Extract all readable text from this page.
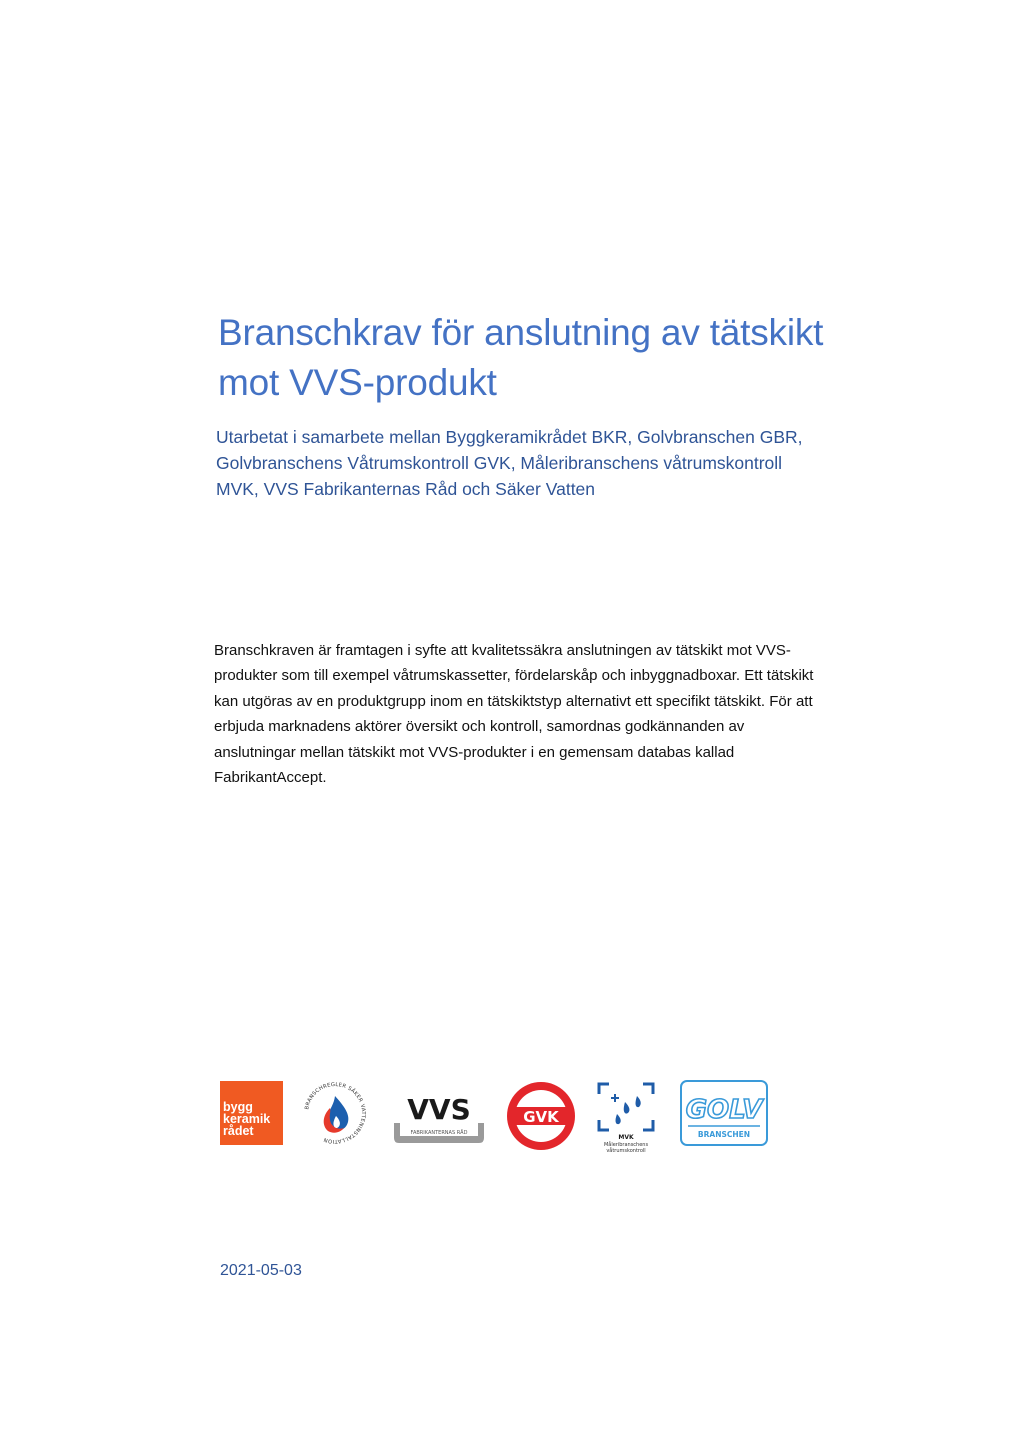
Branschkrav för anslutning av tätskikt mot VVS-produkt

Utarbetat i samarbete mellan Byggkeramikrådet BKR, Golvbranschen GBR, Golvbranschens Våtrumskontroll GVK, Måleribranschens våtrumskontroll MVK, VVS Fabrikanternas Råd och Säker Vatten

Branschkraven är framtagen i syfte att kvalitetssäkra anslutningen av tätskikt mot VVS-produkter som till exempel våtrumskassetter, fördelarskåp och inbyggnadboxar. Ett tätskikt kan utgöras av en produktgrupp inom en tätskiktstyp alternativt ett specifikt tätskikt. För att erbjuda marknadens aktörer översikt och kontroll, samordnas godkännanden av anslutningar mellan tätskikt mot VVS-produkter i en gemensam databas kallad FabrikantAccept.

bygg
keramik
rådet
BRANSCHREGLER SÄKER VATTENINSTALLATION
VVS
FABRIKANTERNAS RÅD
GVK
MVK
Måleribranschens
våtrumskontroll
GOLV
BRANSCHEN

2021-05-03
